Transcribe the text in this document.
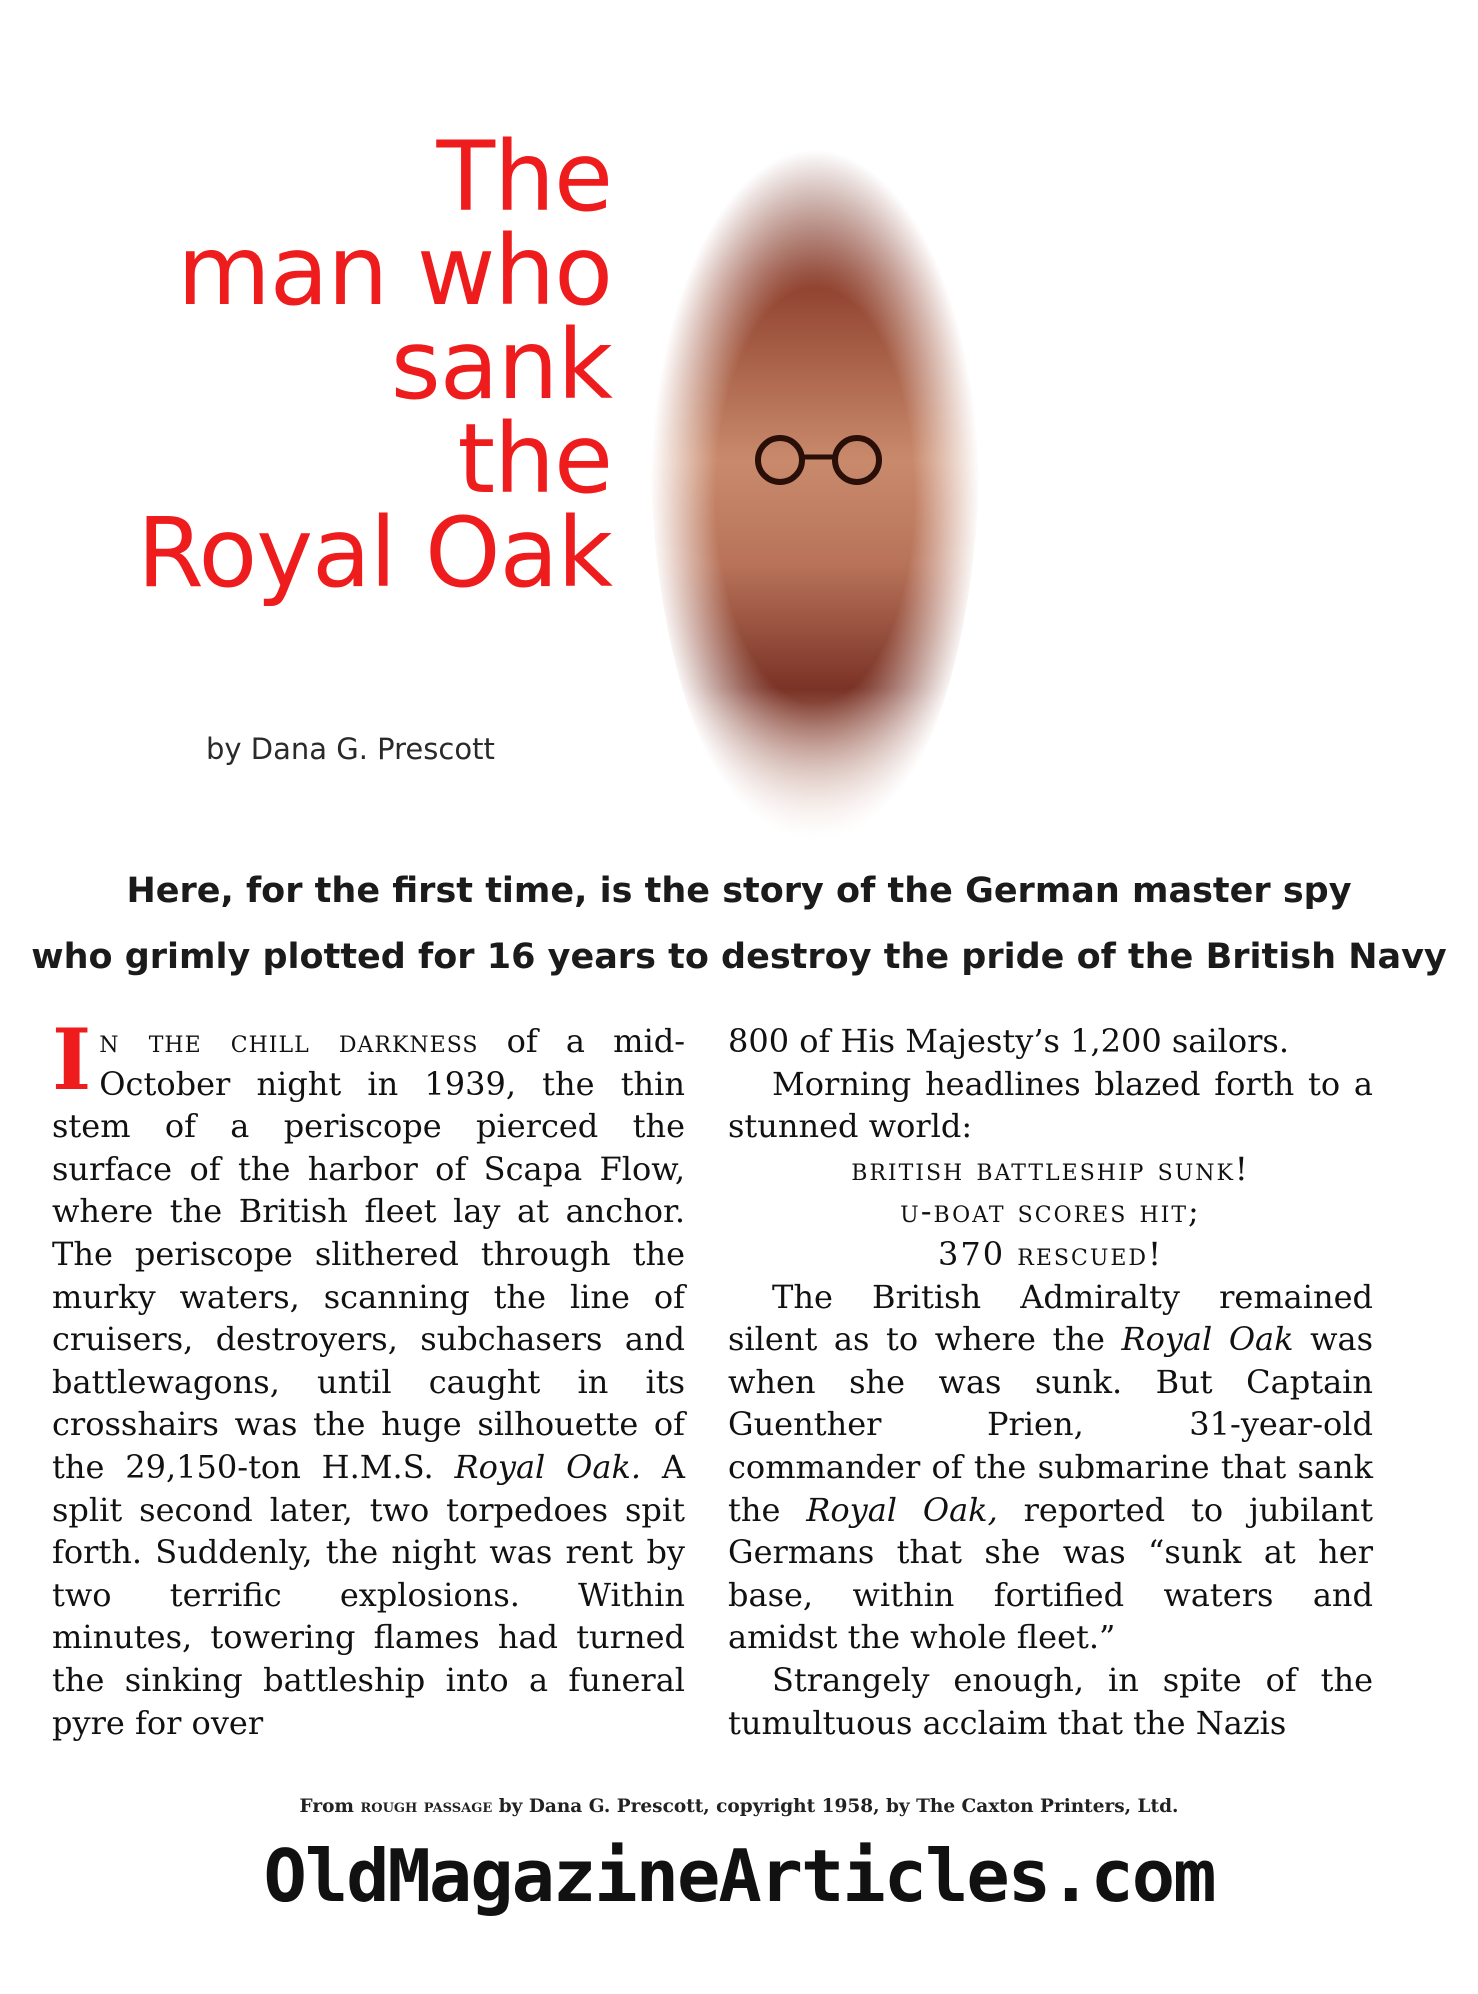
The
man who
sank
the
Royal Oak
by Dana G. Prescott
Here, for the first time, is the story of the German master spy
who grimly plotted for 16 years to destroy the pride of the British Navy

In the chill darkness of a mid-October night in 1939, the thin stem of a periscope pierced the surface of the harbor of Scapa Flow, where the British fleet lay at anchor. The periscope slithered through the murky waters, scanning the line of cruisers, destroyers, subchasers and battlewagons, until caught in its crosshairs was the huge silhouette of the 29,150-ton H.M.S. Royal Oak. A split second later, two torpedoes spit forth. Suddenly, the night was rent by two terrific explosions. Within minutes, towering flames had turned the sinking battleship into a funeral pyre for over

800 of His Majesty’s 1,200 sailors.

Morning headlines blazed forth to a stunned world:

british battleship sunk!

u-boat scores hit;

370 rescued!

The British Admiralty remained silent as to where the Royal Oak was when she was sunk. But Captain Guenther Prien, 31-year-old commander of the submarine that sank the Royal Oak, reported to jubilant Germans that she was “sunk at her base, within fortified waters and amidst the whole fleet.”

Strangely enough, in spite of the tumultuous acclaim that the Nazis

From rough passage by Dana G. Prescott, copyright 1958, by The Caxton Printers, Ltd.
OldMagazineArticles.com
